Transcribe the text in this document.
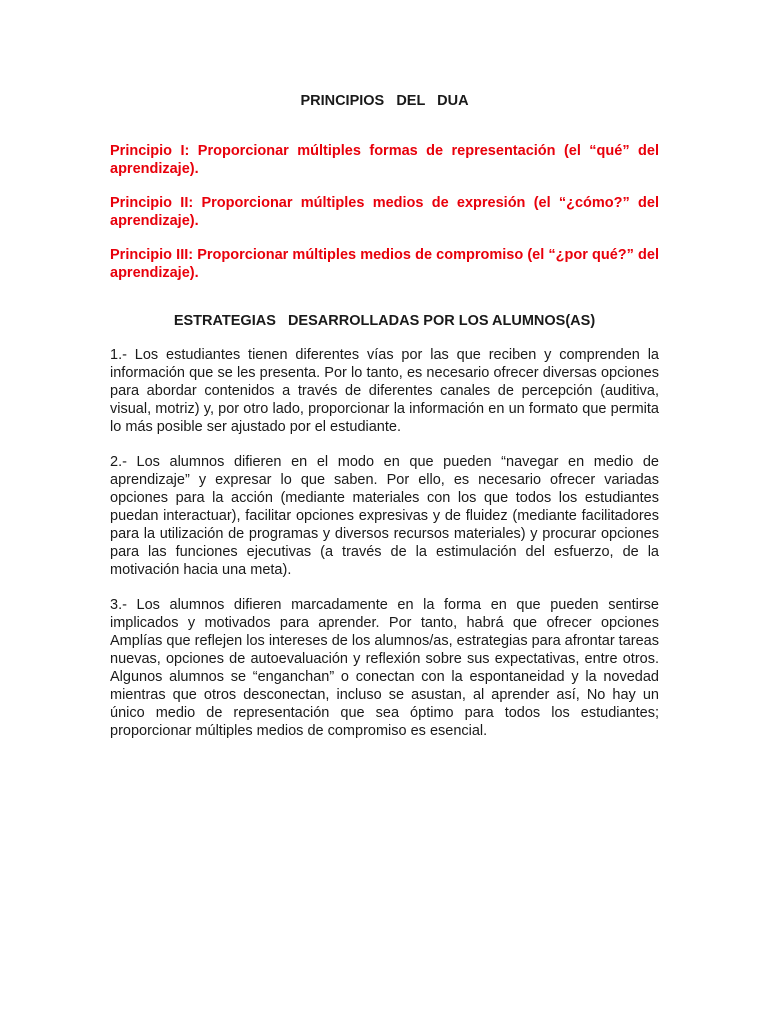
PRINCIPIOS   DEL   DUA
Principio I: Proporcionar múltiples formas de representación (el “qué” del aprendizaje).
Principio II: Proporcionar múltiples medios de expresión (el “¿cómo?” del aprendizaje).
Principio III: Proporcionar múltiples medios de compromiso (el “¿por qué?” del aprendizaje).
ESTRATEGIAS   DESARROLLADAS POR LOS ALUMNOS(AS)
1.- Los estudiantes tienen diferentes vías por las que reciben y comprenden la información que se les presenta. Por lo tanto, es necesario ofrecer diversas opciones para abordar contenidos a través de diferentes canales de percepción (auditiva, visual, motriz) y, por otro lado, proporcionar la información en un formato que permita lo más posible ser ajustado por el estudiante.
2.- Los alumnos difieren en el modo en que pueden “navegar en medio de aprendizaje” y expresar lo que saben. Por ello, es necesario ofrecer variadas opciones para la acción (mediante materiales con los que todos los estudiantes puedan interactuar), facilitar opciones expresivas y de fluidez (mediante facilitadores para la utilización de programas y diversos recursos materiales) y procurar opciones para las funciones ejecutivas (a través de la estimulación del esfuerzo, de la motivación hacia una meta).
3.- Los alumnos difieren marcadamente en la forma en que pueden sentirse implicados y motivados para aprender. Por tanto, habrá que ofrecer opciones Amplías que reflejen los intereses de los alumnos/as, estrategias para afrontar tareas nuevas, opciones de autoevaluación y reflexión sobre sus expectativas, entre otros. Algunos alumnos se “enganchan” o conectan con la espontaneidad y la novedad mientras que otros desconectan, incluso se asustan, al aprender así, No hay un único medio de representación que sea óptimo para todos los estudiantes; proporcionar múltiples medios de compromiso es esencial.
